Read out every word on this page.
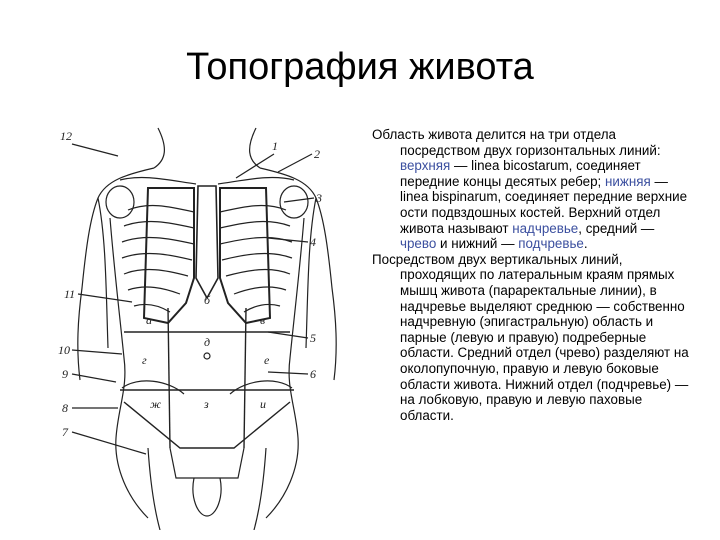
Топография живота
12
1
2
3
4
11
5
10
6
9
8
7
а
б
в
г
д
е
ж	з	и

Область живота делится на три отдела посредством двух горизонтальных линий: верхняя — linea bicostarum, соединяет передние концы десятых ребер; нижняя — linea bispinarum, соединяет передние верхние ости подвздошных костей. Верхний отдел живота называют надчревье, средний — чрево и нижний — подчревье.

Посредством двух вертикальных линий, проходящих по латеральным краям прямых мышц живота (параректальные линии), в надчревье выделяют среднюю — собственно надчревную (эпигастральную) область и парные (левую и правую) подреберные области. Средний отдел (чрево) разделяют на околопупочную, правую и левую боковые области живота. Нижний отдел (подчревье) — на лобковую, правую и левую паховые области.
